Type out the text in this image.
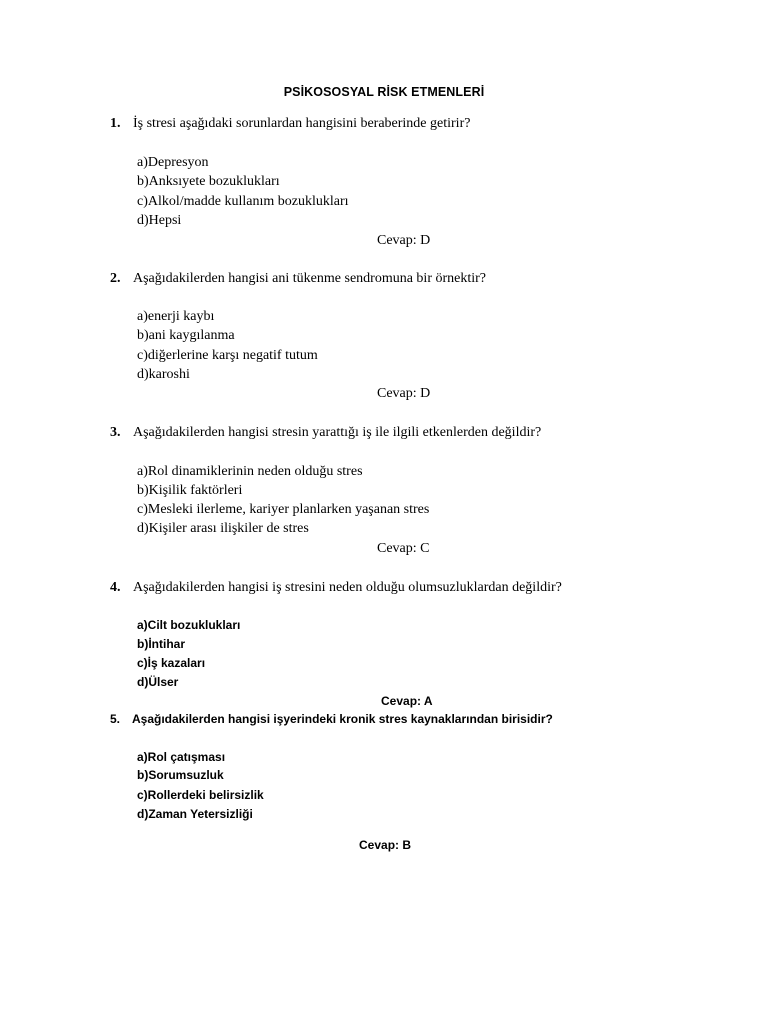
PSİKOSOSYAL RİSK ETMENLERİ
1. İş stresi aşağıdaki sorunlardan hangisini beraberinde getirir?
a)Depresyon
b)Anksıyete bozuklukları
c)Alkol/madde kullanım bozuklukları
d)Hepsi
Cevap: D
2. Aşağıdakilerden hangisi ani tükenme sendromuna bir örnektir?
a)enerji kaybı
b)ani kaygılanma
c)diğerlerine karşı negatif tutum
d)karoshi
Cevap: D
3. Aşağıdakilerden hangisi stresin yarattığı iş ile ilgili etkenlerden değildir?
a)Rol dinamiklerinin neden olduğu stres
b)Kişilik faktörleri
c)Mesleki ilerleme, kariyer planlarken yaşanan stres
d)Kişiler arası ilişkiler de stres
Cevap: C
4. Aşağıdakilerden hangisi iş stresini neden olduğu olumsuzluklardan değildir?
a)Cilt bozuklukları
b)İntihar
c)İş kazaları
d)Ülser
Cevap: A
5. Aşağıdakilerden hangisi işyerindeki kronik stres kaynaklarından birisidir?
a)Rol çatışması
b)Sorumsuzluk
c)Rollerdeki belirsizlik
d)Zaman Yetersizliği
Cevap: B
